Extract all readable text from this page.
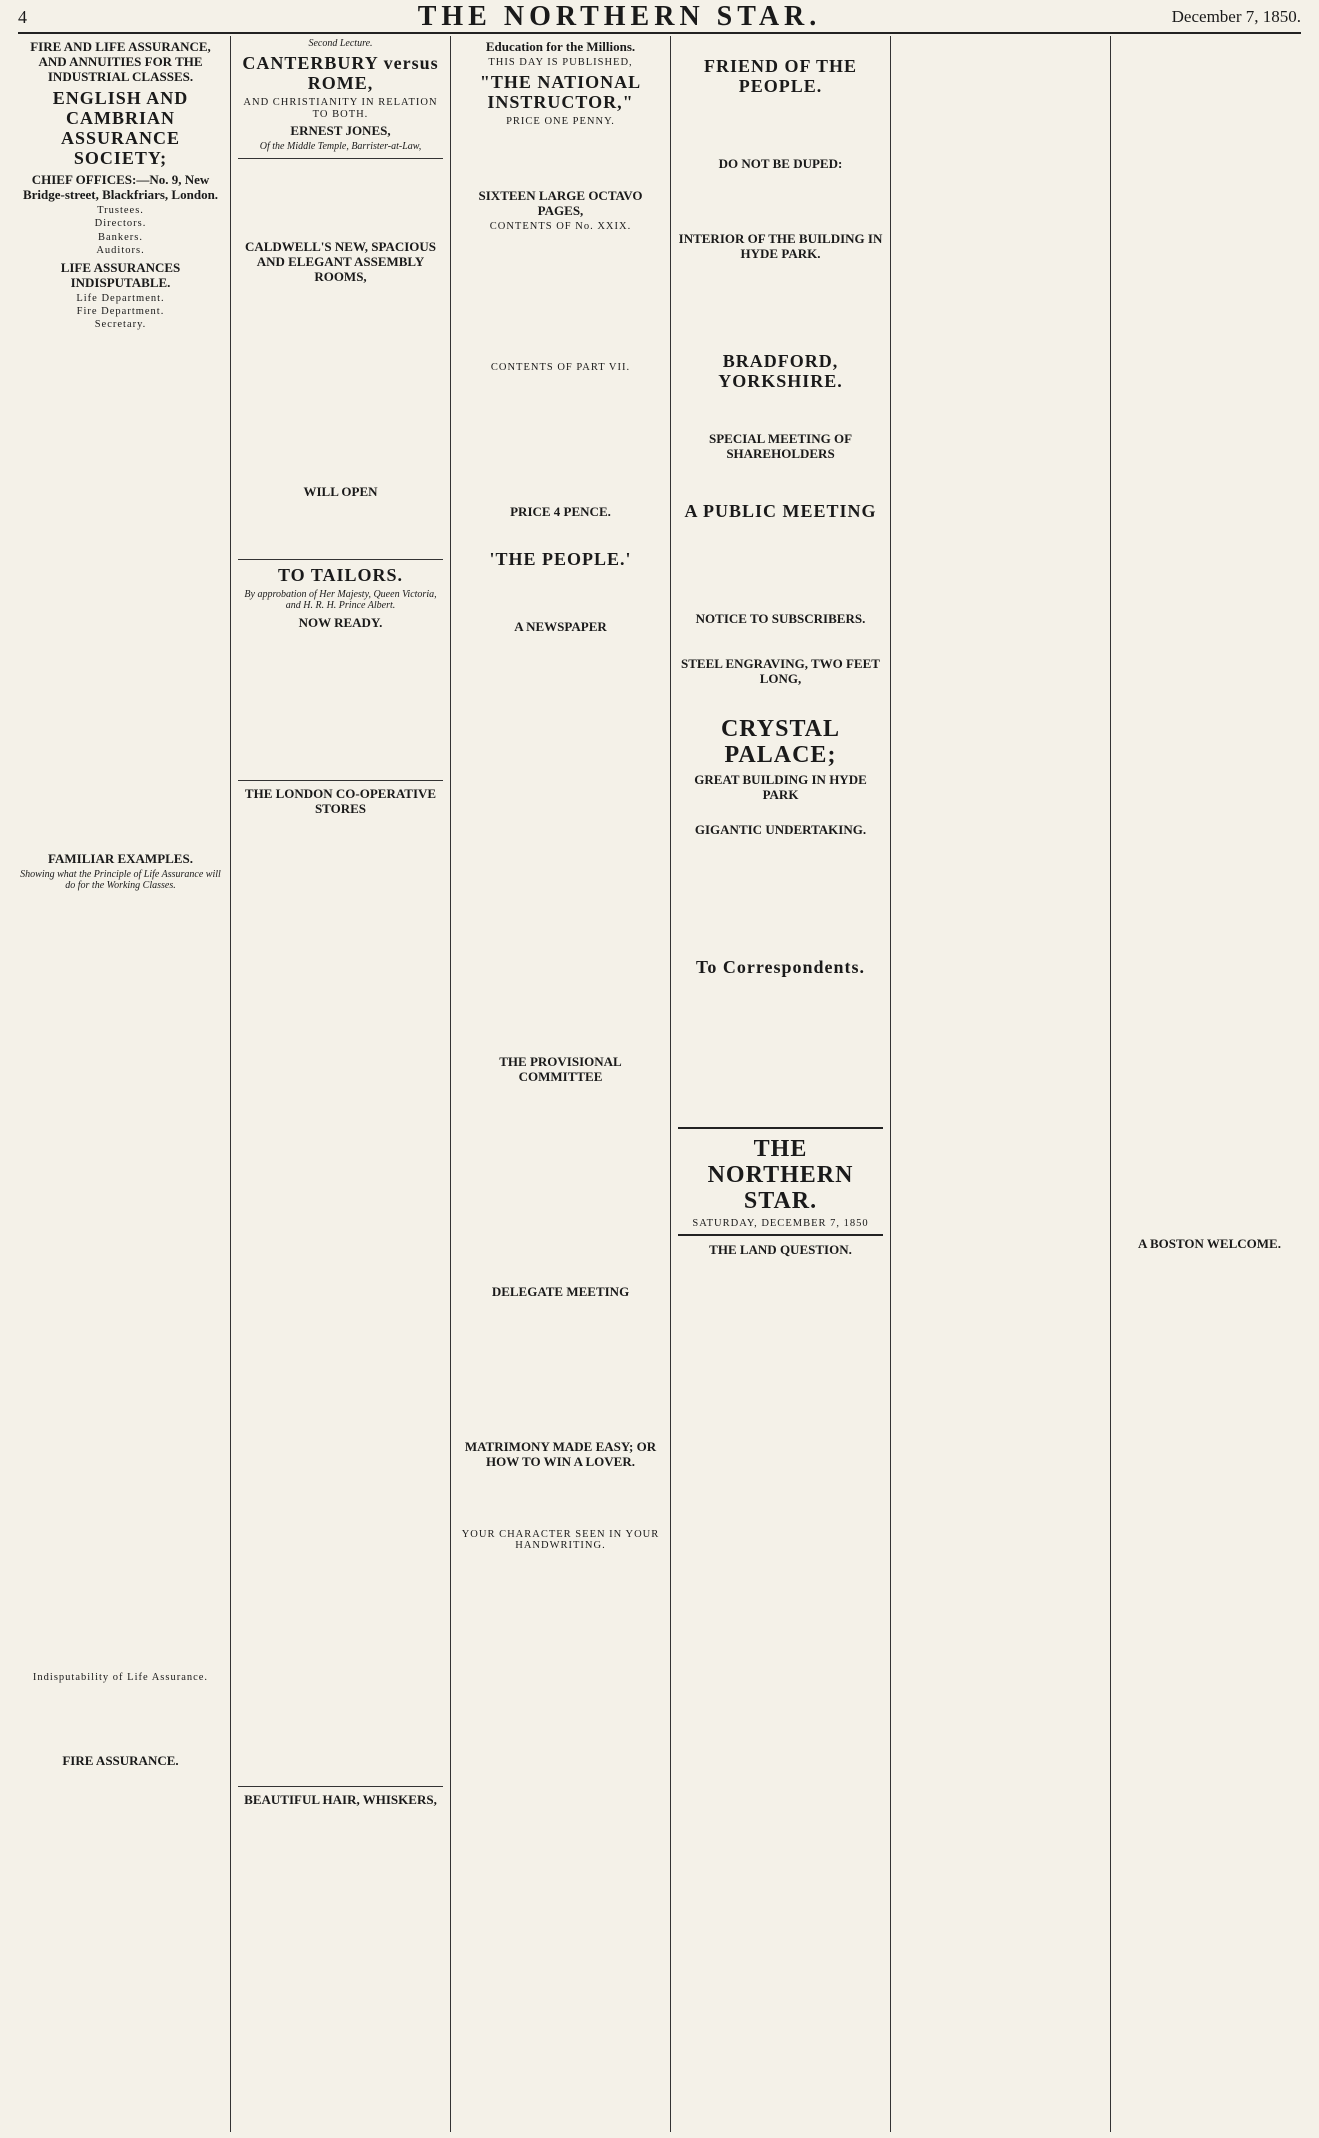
4	THE NORTHERN STAR.	December 7, 1850.
FIRE AND LIFE ASSURANCE, AND ANNUITIES FOR THE INDUSTRIAL CLASSES.
ENGLISH AND CAMBRIAN ASSURANCE SOCIETY;
CHIEF OFFICES:—No. 9, New Bridge-street, Blackfriars, London.
Trustees.
Directors.
Bankers.
Auditors.
LIFE ASSURANCES INDISPUTABLE.
Life Department.
Fire Department.
Secretary.
FAMILIAR EXAMPLES.
Showing what the Principle of Life Assurance will do for the Working Classes.
Indisputability of Life Assurance.
FIRE ASSURANCE.
Second Lecture.
CANTERBURY versus ROME,
AND CHRISTIANITY IN RELATION TO BOTH.
ERNEST JONES,
Of the Middle Temple, Barrister-at-Law,
CALDWELL'S NEW, SPACIOUS AND ELEGANT ASSEMBLY ROOMS,
WILL OPEN
TO TAILORS.
By approbation of Her Majesty, Queen Victoria, and H. R. H. Prince Albert.
NOW READY.
THE LONDON CO-OPERATIVE STORES
BEAUTIFUL HAIR, WHISKERS,
Education for the Millions.
THIS DAY IS PUBLISHED,
"THE NATIONAL INSTRUCTOR,"
PRICE ONE PENNY.
SIXTEEN LARGE OCTAVO PAGES,
CONTENTS OF No. XXIX.
CONTENTS OF PART VII.
PRICE 4 PENCE.
'THE PEOPLE.'
A NEWSPAPER
THE PROVISIONAL COMMITTEE
DELEGATE MEETING
MATRIMONY MADE EASY; OR HOW TO WIN A LOVER.
YOUR CHARACTER SEEN IN YOUR HANDWRITING.
FRIEND OF THE PEOPLE.
DO NOT BE DUPED:
INTERIOR OF THE BUILDING IN HYDE PARK.
BRADFORD, YORKSHIRE.
SPECIAL MEETING OF SHAREHOLDERS
A PUBLIC MEETING
NOTICE TO SUBSCRIBERS.
STEEL ENGRAVING, TWO FEET LONG,
CRYSTAL PALACE;
GREAT BUILDING IN HYDE PARK
GIGANTIC UNDERTAKING.
To Correspondents.
THE NORTHERN STAR.
SATURDAY, DECEMBER 7, 1850
THE LAND QUESTION.	A BOSTON WELCOME.
